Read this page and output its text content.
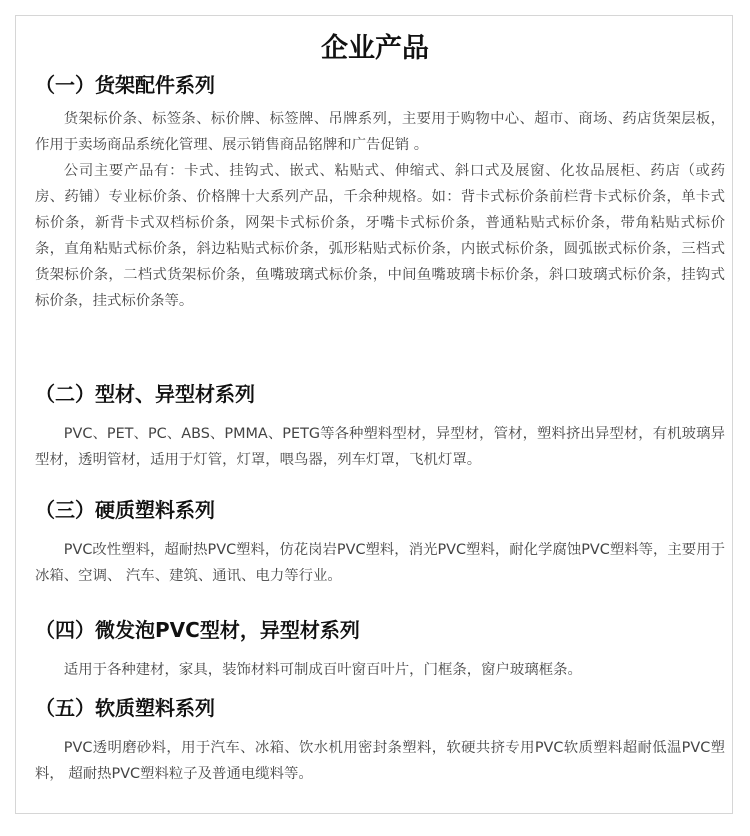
企业产品
（一）货架配件系列

货架标价条、标签条、标价牌、标签牌、吊牌系列，主要用于购物中心、超市、商场、药店货架层板，作用于卖场商品系统化管理、展示销售商品铭牌和广告促销 。

公司主要产品有：卡式、挂钩式、嵌式、粘贴式、伸缩式、斜口式及展窗、化妆品展柜、药店（或药房、药铺）专业标价条、价格牌十大系列产品，千余种规格。如：背卡式标价条前栏背卡式标价条，单卡式标价条，新背卡式双档标价条，网架卡式标价条，牙嘴卡式标价条，普通粘贴式标价条，带角粘贴式标价条，直角粘贴式标价条，斜边粘贴式标价条，弧形粘贴式标价条，内嵌式标价条，圆弧嵌式标价条，三档式货架标价条，二档式货架标价条，鱼嘴玻璃式标价条，中间鱼嘴玻璃卡标价条，斜口玻璃式标价条，挂钩式标价条，挂式标价条等。

（二）型材、异型材系列

PVC、PET、PC、ABS、PMMA、PETG等各种塑料型材，异型材，管材，塑料挤出异型材，有机玻璃异型材，透明管材，适用于灯管，灯罩，喂鸟器，列车灯罩，飞机灯罩。

（三）硬质塑料系列

PVC改性塑料，超耐热PVC塑料，仿花岗岩PVC塑料，消光PVC塑料，耐化学腐蚀PVC塑料等，主要用于冰箱、空调、 汽车、建筑、通讯、电力等行业。

（四）微发泡PVC型材，异型材系列

适用于各种建材，家具，装饰材料可制成百叶窗百叶片，门框条，窗户玻璃框条。

（五）软质塑料系列

PVC透明磨砂料，用于汽车、冰箱、饮水机用密封条塑料，软硬共挤专用PVC软质塑料超耐低温PVC塑料， 超耐热PVC塑料粒子及普通电缆料等。
